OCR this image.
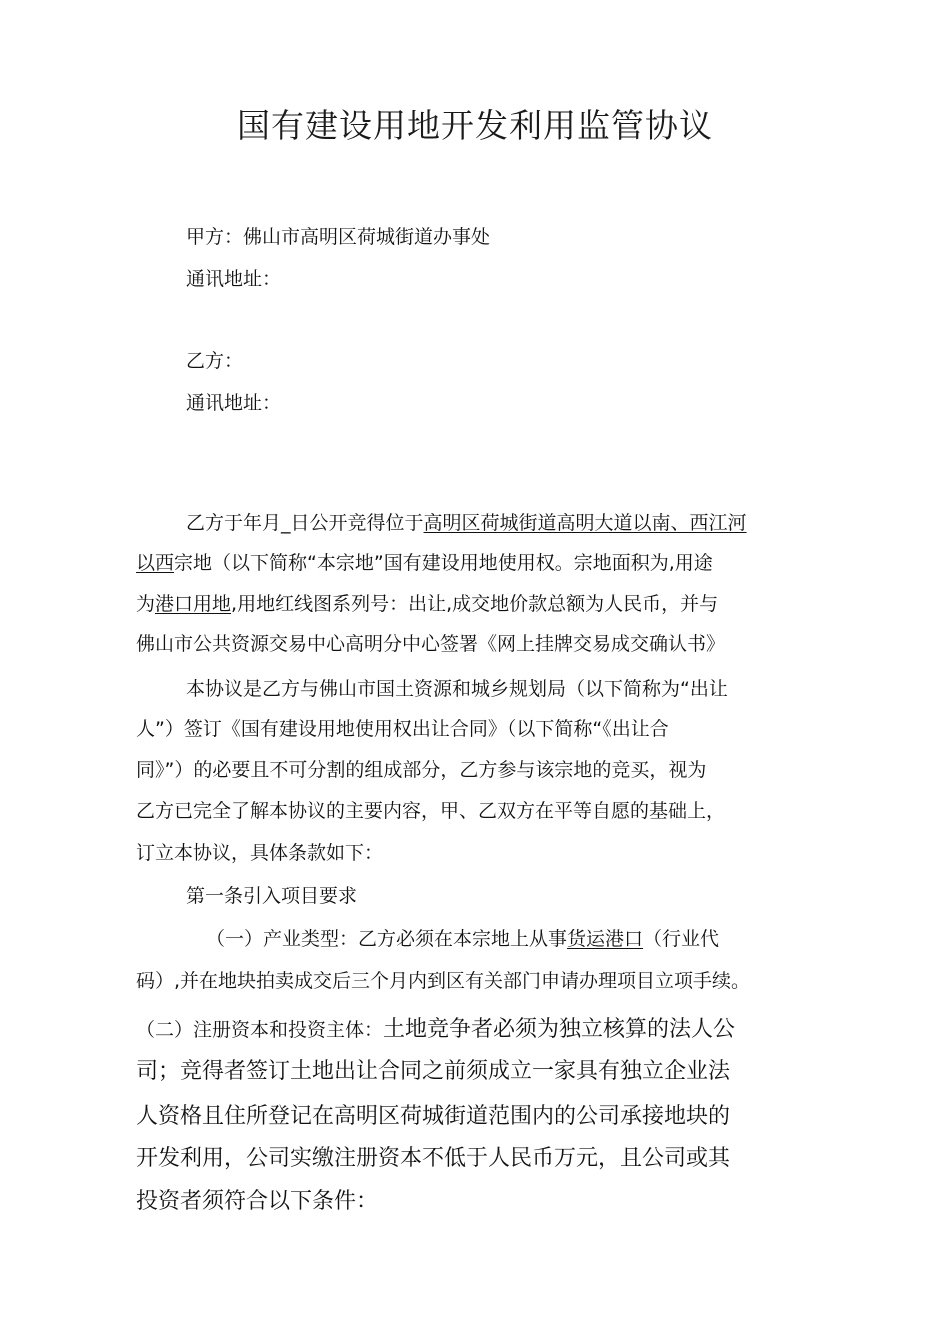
国有建设用地开发利用监管协议
甲方：佛山市高明区荷城街道办事处
通讯地址：
乙方：
通讯地址：
乙方于年月_日公开竞得位于高明区荷城街道高明大道以南、西江河
以西宗地（以下简称“本宗地”国有建设用地使用权。宗地面积为,用途
为港口用地,用地红线图系列号：出让,成交地价款总额为人民币，并与
佛山市公共资源交易中心高明分中心签署《网上挂牌交易成交确认书》
本协议是乙方与佛山市国土资源和城乡规划局（以下简称为“出让
人”）签订《国有建设用地使用权出让合同》（以下简称“《出让合
同》”）的必要且不可分割的组成部分，乙方参与该宗地的竞买，视为
乙方已完全了解本协议的主要内容，甲、乙双方在平等自愿的基础上，
订立本协议，具体条款如下：
第一条引入项目要求
（一）产业类型：乙方必须在本宗地上从事货运港口（行业代
码）,并在地块拍卖成交后三个月内到区有关部门申请办理项目立项手续。
（二）注册资本和投资主体：土地竞争者必须为独立核算的法人公
司；竞得者签订土地出让合同之前须成立一家具有独立企业法
人资格且住所登记在高明区荷城街道范围内的公司承接地块的
开发利用，公司实缴注册资本不低于人民币万元，且公司或其
投资者须符合以下条件：
